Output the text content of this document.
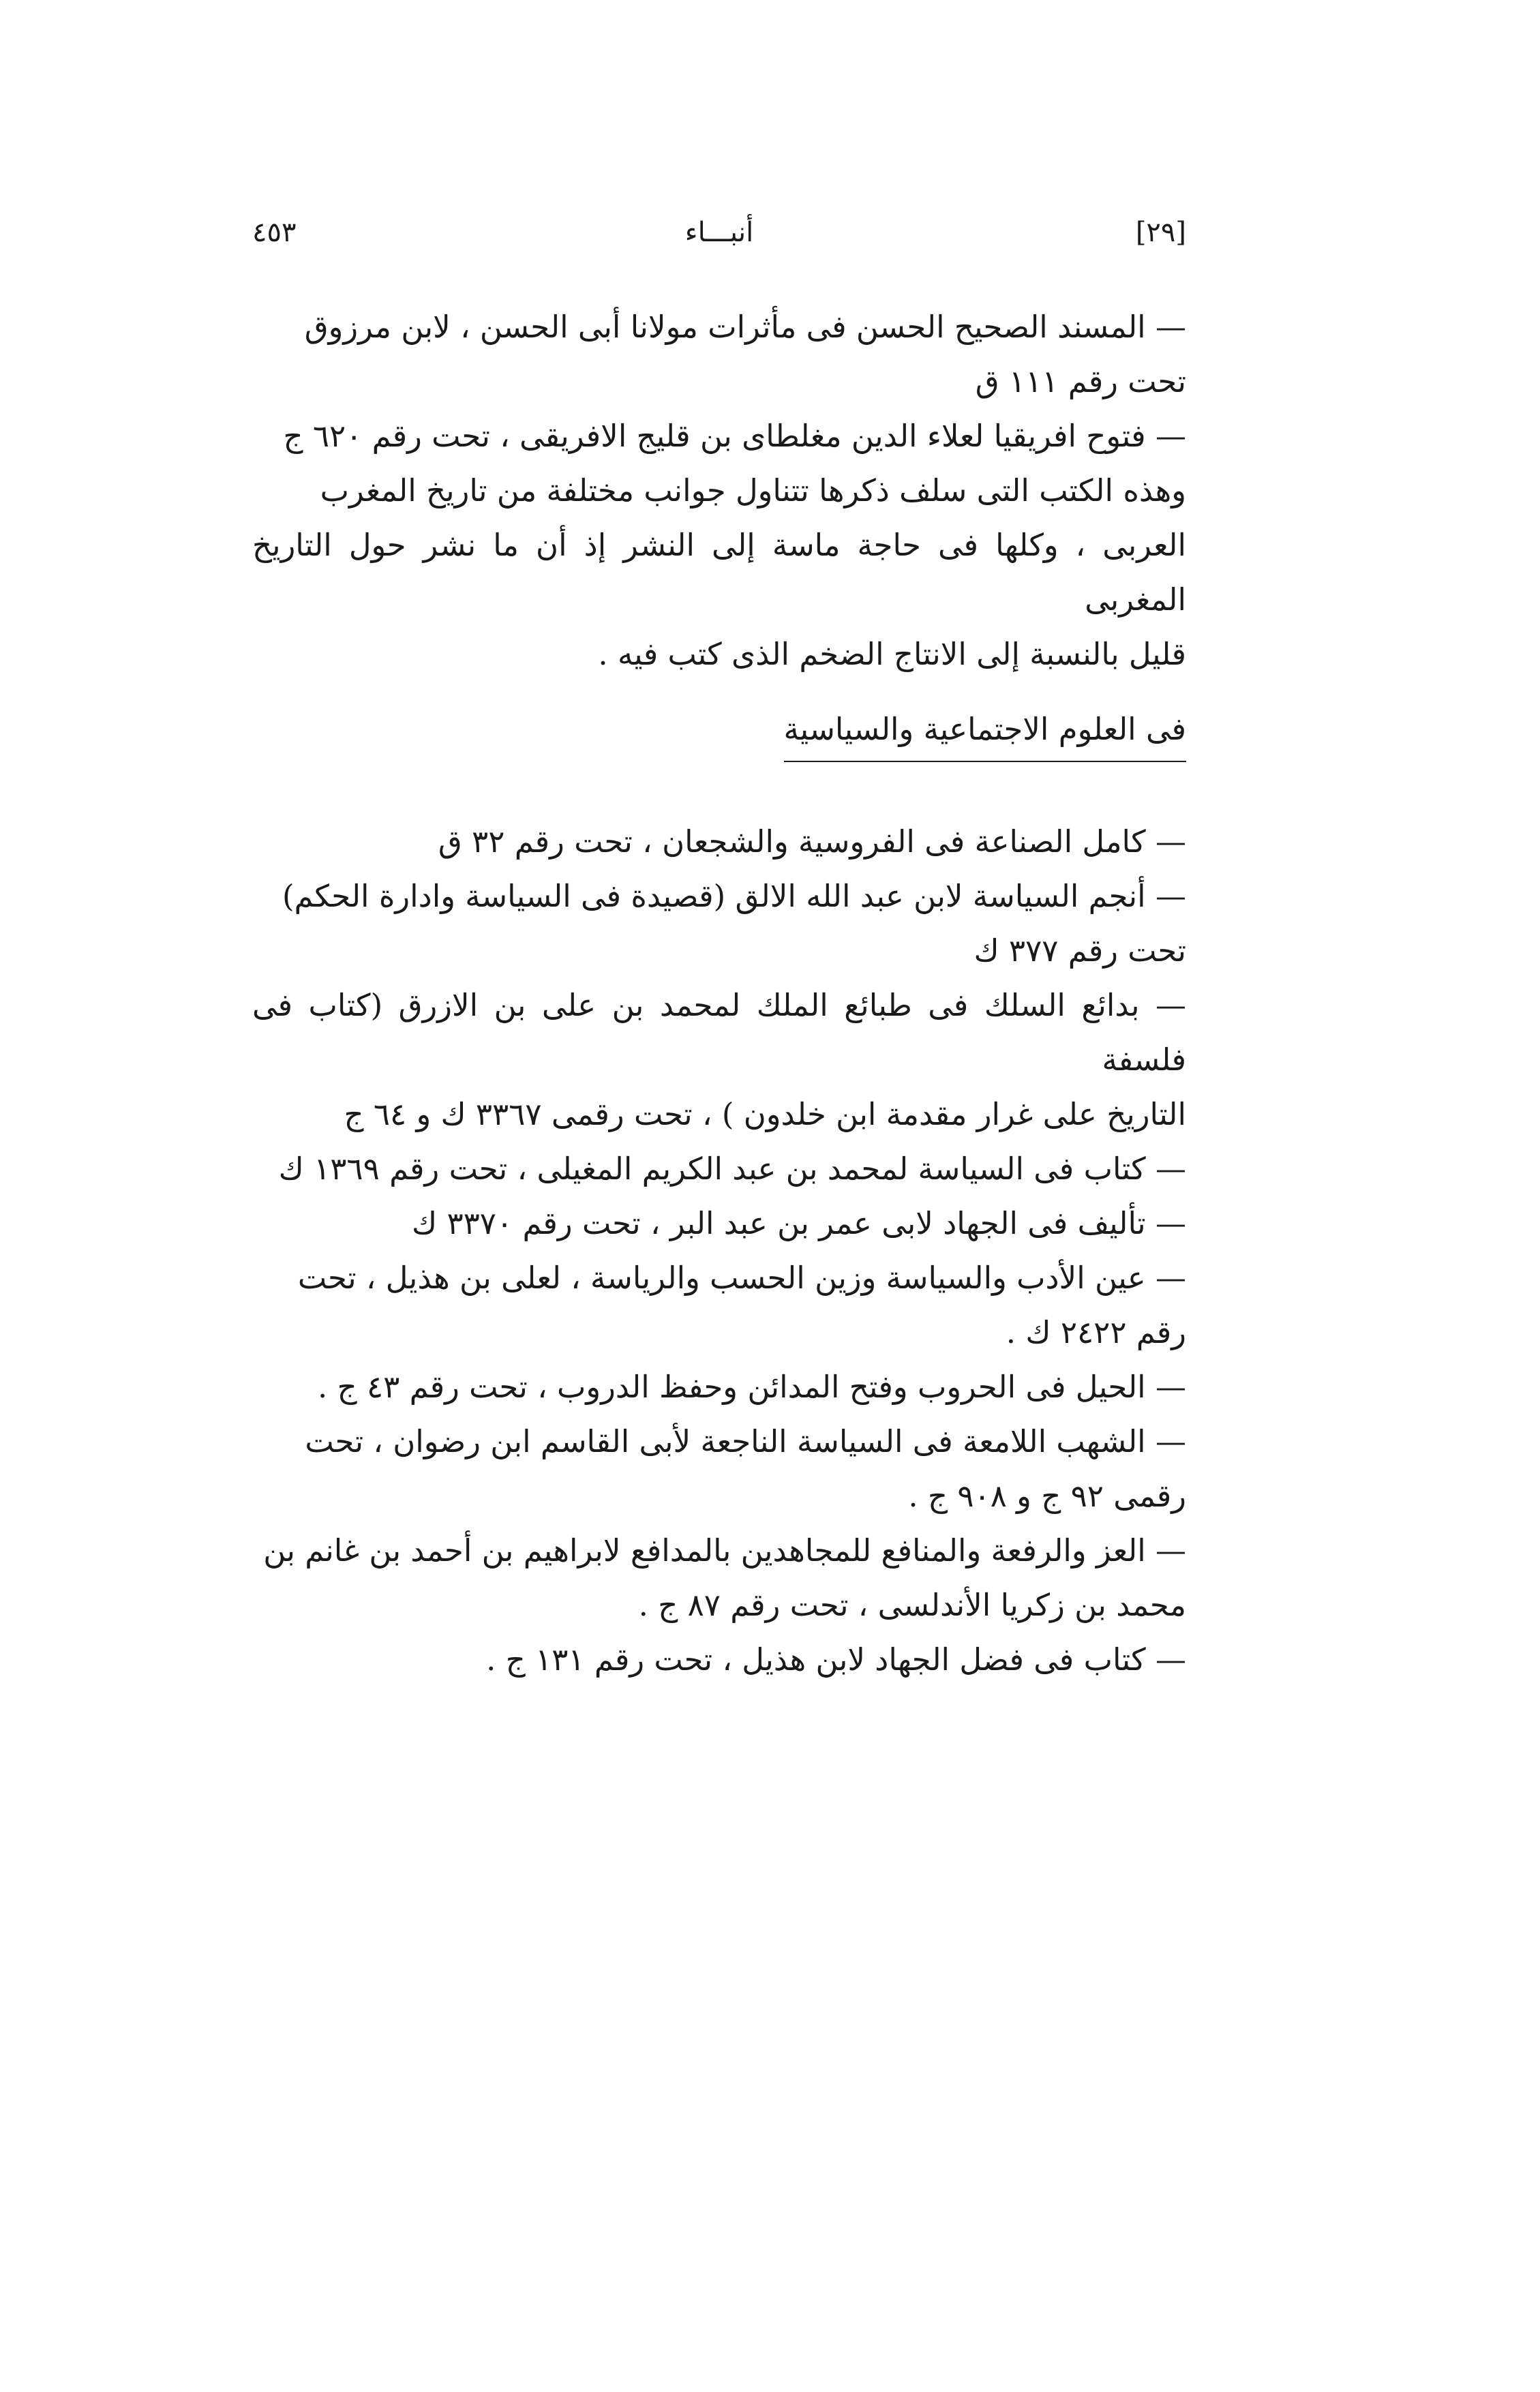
٤٥٣	أنبـــاء	[٢٩]

— المسند الصحيح الحسن فى مأثرات مولانا أبى الحسن ، لابن مرزوق
تحت رقم ١١١ ق

— فتوح افريقيا لعلاء الدين مغلطاى بن قليج الافريقى ، تحت رقم ٦٢٠ ج

وهذه الكتب التى سلف ذكرها تتناول جوانب مختلفة من تاريخ المغرب
العربى ، وكلها فى حاجة ماسة إلى النشر إذ أن ما نشر حول التاريخ المغربى
قليل بالنسبة إلى الانتاج الضخم الذى كتب فيه .

فى العلوم الاجتماعية والسياسية

— كامل الصناعة فى الفروسية والشجعان ، تحت رقم ٣٢ ق

— أنجم السياسة لابن عبد الله الالق (قصيدة فى السياسة وادارة الحكم)
تحت رقم ٣٧٧ ك

— بدائع السلك فى طبائع الملك لمحمد بن على بن الازرق (كتاب فى فلسفة
التاريخ على غرار مقدمة ابن خلدون ) ، تحت رقمى ٣٣٦٧ ك و ٦٤ ج

— كتاب فى السياسة لمحمد بن عبد الكريم المغيلى ، تحت رقم ١٣٦٩ ك

— تأليف فى الجهاد لابى عمر بن عبد البر ، تحت رقم ٣٣٧٠ ك

— عين الأدب والسياسة وزين الحسب والرياسة ، لعلى بن هذيل ، تحت
رقم ٢٤٢٢ ك .

— الحيل فى الحروب وفتح المدائن وحفظ الدروب ، تحت رقم ٤٣ ج .

— الشهب اللامعة فى السياسة الناجعة لأبى القاسم ابن رضوان ، تحت
رقمى ٩٢ ج و ٩٠٨ ج .

— العز والرفعة والمنافع للمجاهدين بالمدافع لابراهيم بن أحمد بن غانم بن
محمد بن زكريا الأندلسى ، تحت رقم ٨٧ ج .

— كتاب فى فضل الجهاد لابن هذيل ، تحت رقم ١٣١ ج .
